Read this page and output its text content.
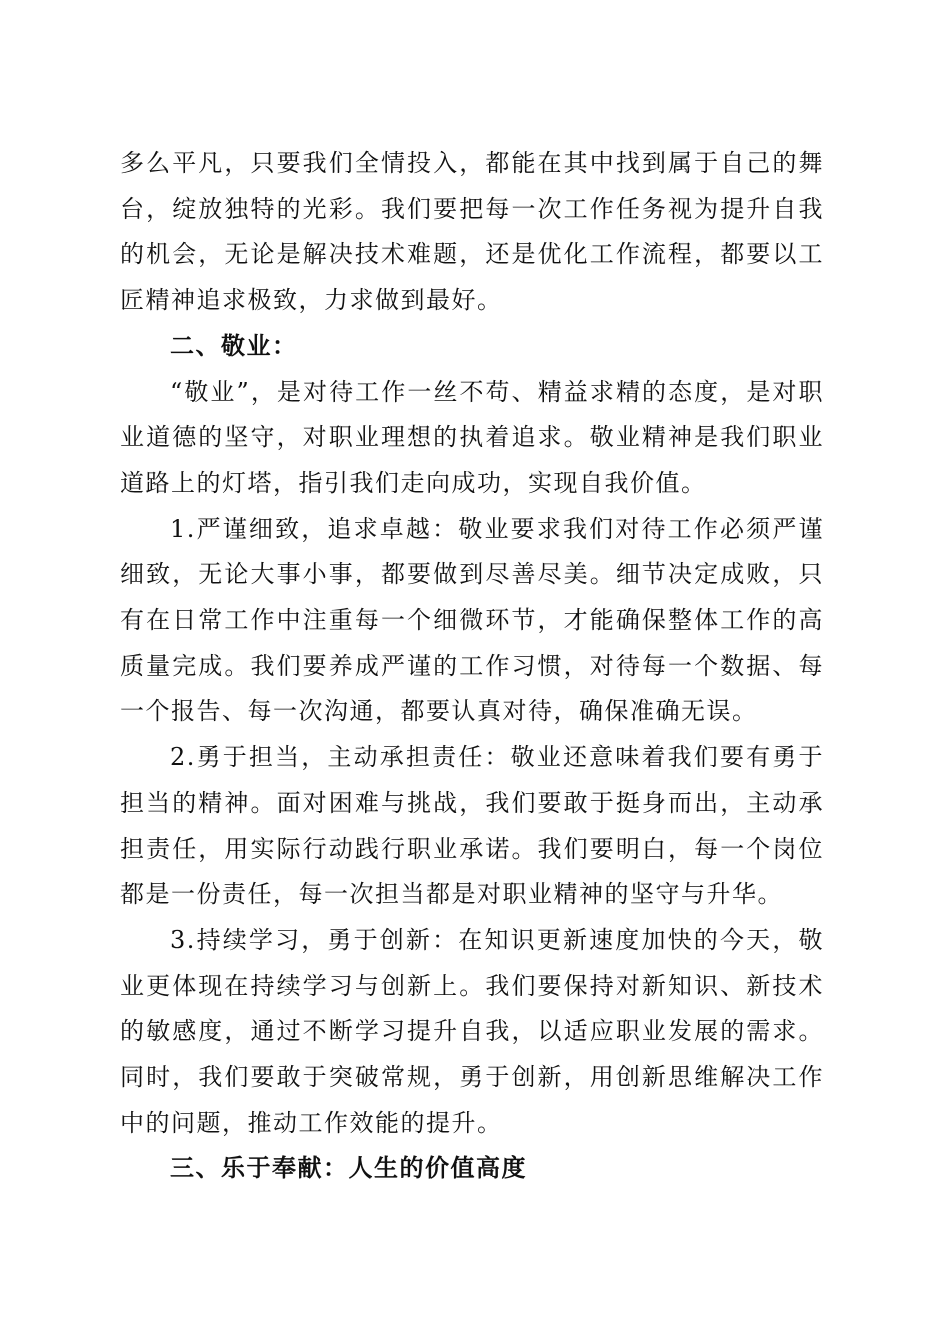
多么平凡，只要我们全情投入，都能在其中找到属于自己的舞台，绽放独特的光彩。我们要把每一次工作任务视为提升自我的机会，无论是解决技术难题，还是优化工作流程，都要以工匠精神追求极致，力求做到最好。

二、敬业：

“敬业”，是对待工作一丝不苟、精益求精的态度，是对职业道德的坚守，对职业理想的执着追求。敬业精神是我们职业道路上的灯塔，指引我们走向成功，实现自我价值。

1.严谨细致，追求卓越：敬业要求我们对待工作必须严谨细致，无论大事小事，都要做到尽善尽美。细节决定成败，只有在日常工作中注重每一个细微环节，才能确保整体工作的高质量完成。我们要养成严谨的工作习惯，对待每一个数据、每一个报告、每一次沟通，都要认真对待，确保准确无误。

2.勇于担当，主动承担责任：敬业还意味着我们要有勇于担当的精神。面对困难与挑战，我们要敢于挺身而出，主动承担责任，用实际行动践行职业承诺。我们要明白，每一个岗位都是一份责任，每一次担当都是对职业精神的坚守与升华。

3.持续学习，勇于创新：在知识更新速度加快的今天，敬业更体现在持续学习与创新上。我们要保持对新知识、新技术的敏感度，通过不断学习提升自我，以适应职业发展的需求。同时，我们要敢于突破常规，勇于创新，用创新思维解决工作中的问题，推动工作效能的提升。

三、乐于奉献：人生的价值高度
